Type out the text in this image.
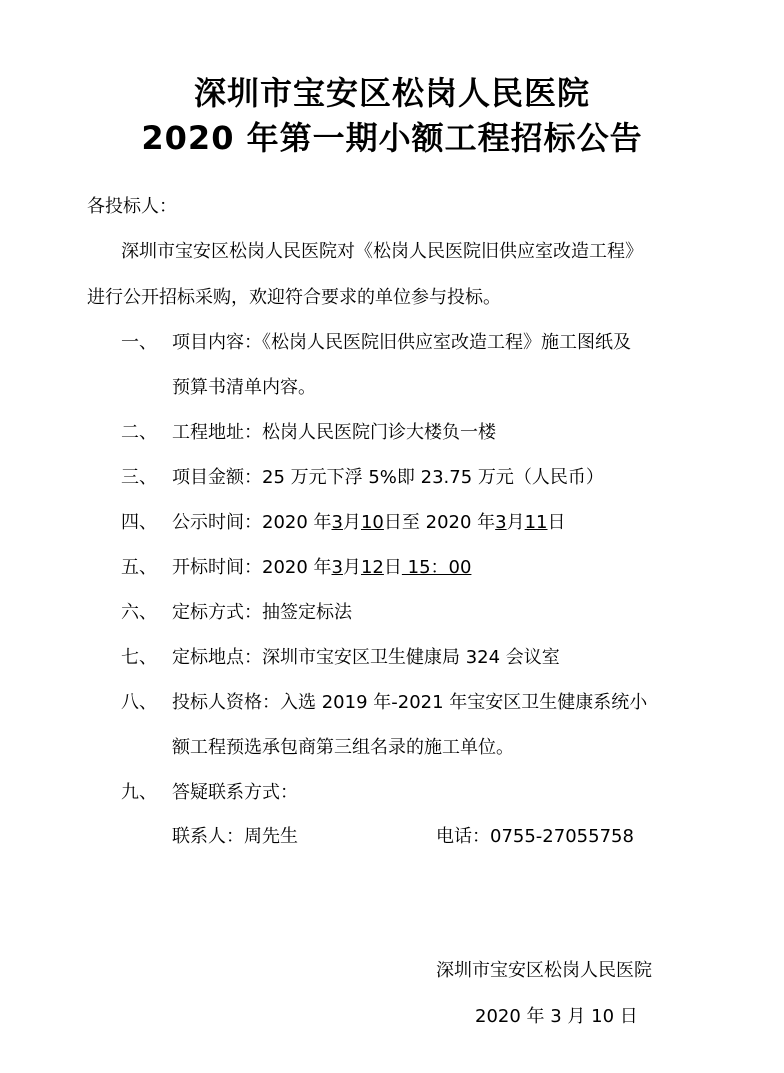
深圳市宝安区松岗人民医院
2020 年第一期小额工程招标公告
各投标人：
深圳市宝安区松岗人民医院对《松岗人民医院旧供应室改造工程》
进行公开招标采购，欢迎符合要求的单位参与投标。
一、 项目内容：《松岗人民医院旧供应室改造工程》施工图纸及
预算书清单内容。
二、 工程地址：松岗人民医院门诊大楼负一楼
三、 项目金额：25 万元下浮 5%即 23.75 万元（人民币）
四、 公示时间：2020 年3月10日至 2020 年3月11日
五、 开标时间：2020 年3月12日 15：00
六、 定标方式：抽签定标法
七、 定标地点：深圳市宝安区卫生健康局 324 会议室
八、 投标人资格：入选 2019 年-2021 年宝安区卫生健康系统小
额工程预选承包商第三组名录的施工单位。
九、 答疑联系方式：
联系人：周先生	电话：0755-27055758
深圳市宝安区松岗人民医院
2020 年 3 月 10 日
